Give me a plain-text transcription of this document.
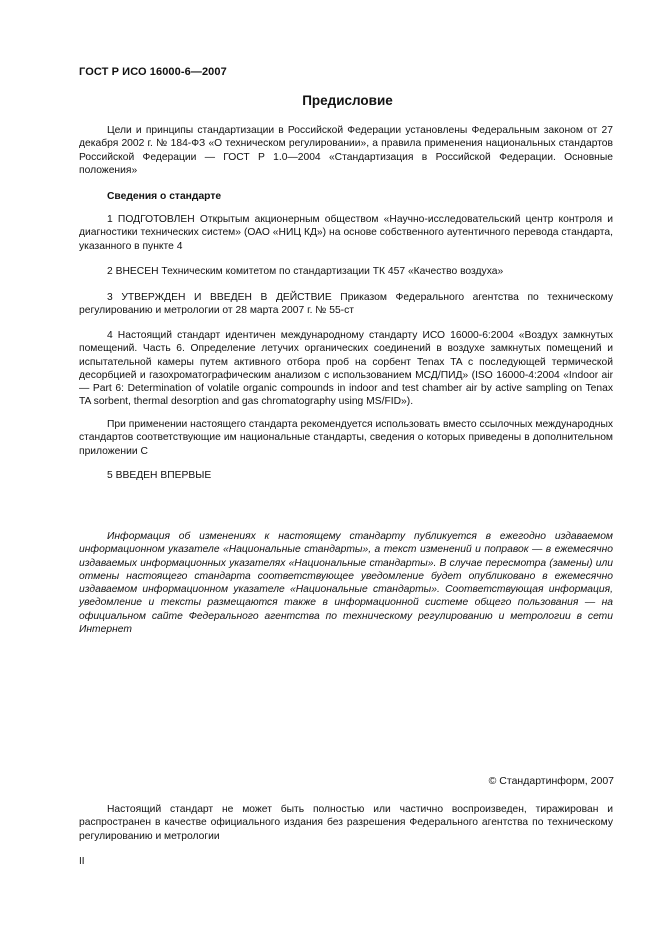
ГОСТ Р ИСО 16000-6—2007
Предисловие

Цели и принципы стандартизации в Российской Федерации установлены Федеральным законом от 27 декабря 2002 г. № 184-ФЗ «О техническом регулировании», а правила применения национальных стандартов Российской Федерации — ГОСТ Р 1.0—2004 «Стандартизация в Российской Федерации. Основные положения»

Сведения о стандарте

1 ПОДГОТОВЛЕН Открытым акционерным обществом «Научно-исследовательский центр контроля и диагностики технических систем» (ОАО «НИЦ КД») на основе собственного аутентичного перевода стандарта, указанного в пункте 4

2 ВНЕСЕН Техническим комитетом по стандартизации ТК 457 «Качество воздуха»

3 УТВЕРЖДЕН И ВВЕДЕН В ДЕЙСТВИЕ Приказом Федерального агентства по техническому регулированию и метрологии от 28 марта 2007 г. № 55-ст

4 Настоящий стандарт идентичен международному стандарту ИСО 16000-6:2004 «Воздух замкнутых помещений. Часть 6. Определение летучих органических соединений в воздухе замкнутых помещений и испытательной камеры путем активного отбора проб на сорбент Tenax TA с последующей термической десорбцией и газохроматографическим анализом с использованием МСД/ПИД» (ISO 16000-4:2004 «Indoor air — Part 6: Determination of volatile organic compounds in indoor and test chamber air by active sampling on Tenax TA sorbent, thermal desorption and gas chromatography using MS/FID»).

При применении настоящего стандарта рекомендуется использовать вместо ссылочных международных стандартов соответствующие им национальные стандарты, сведения о которых приведены в дополнительном приложении С

5 ВВЕДЕН ВПЕРВЫЕ

Информация об изменениях к настоящему стандарту публикуется в ежегодно издаваемом информационном указателе «Национальные стандарты», а текст изменений и поправок — в ежемесячно издаваемых информационных указателях «Национальные стандарты». В случае пересмотра (замены) или отмены настоящего стандарта соответствующее уведомление будет опубликовано в ежемесячно издаваемом информационном указателе «Национальные стандарты». Соответствующая информация, уведомление и тексты размещаются также в информационной системе общего пользования — на официальном сайте Федерального агентства по техническому регулированию и метрологии в сети Интернет

© Стандартинформ, 2007

Настоящий стандарт не может быть полностью или частично воспроизведен, тиражирован и распространен в качестве официального издания без разрешения Федерального агентства по техническому регулированию и метрологии

II
